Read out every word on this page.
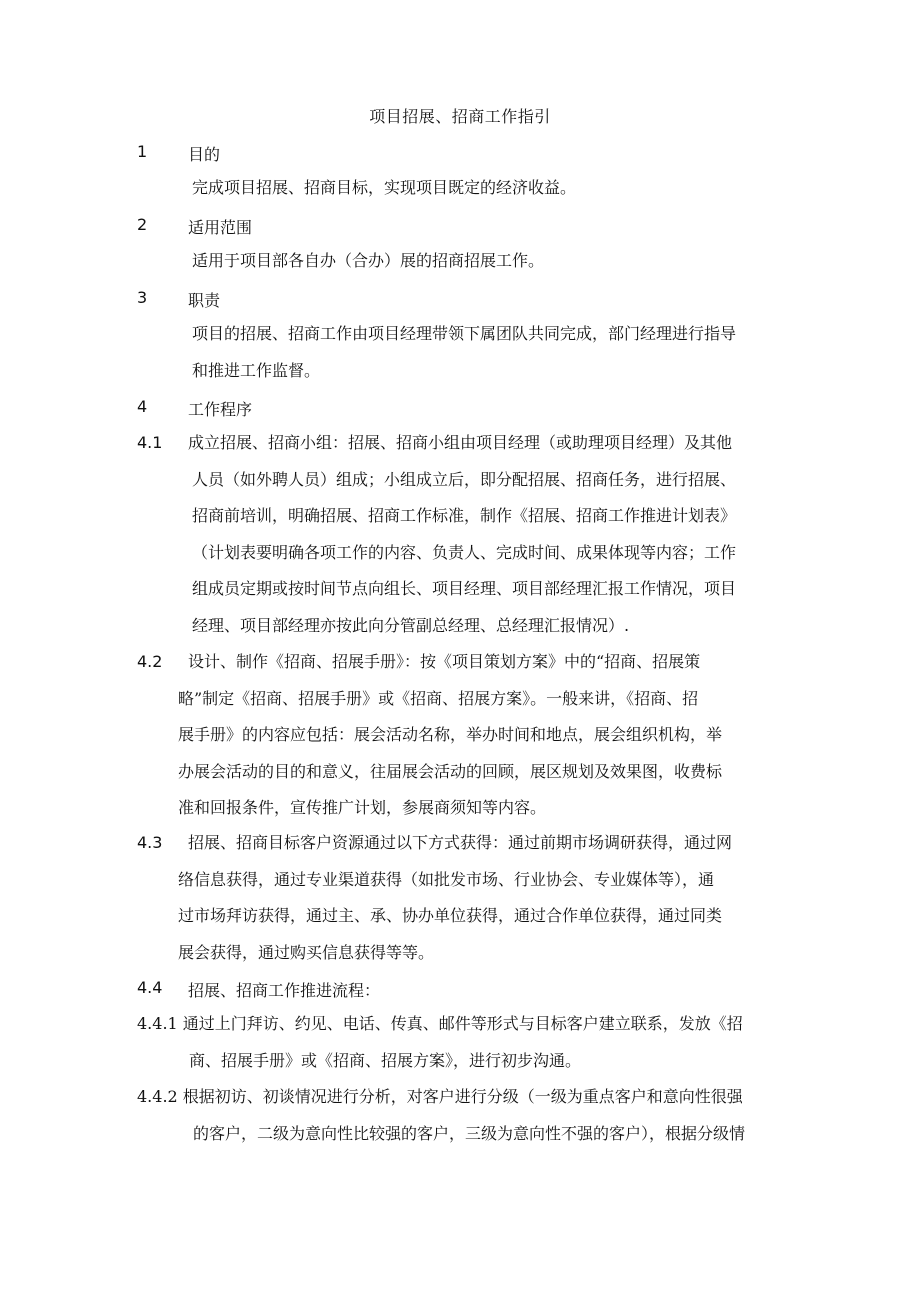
项目招展、招商工作指引
1	目的
完成项目招展、招商目标，实现项目既定的经济收益。
2	适用范围
适用于项目部各自办（合办）展的招商招展工作。
3	职责
项目的招展、招商工作由项目经理带领下属团队共同完成，部门经理进行指导
和推进工作监督。
4	工作程序
4.1 成立招展、招商小组：招展、招商小组由项目经理（或助理项目经理）及其他
人员（如外聘人员）组成；小组成立后，即分配招展、招商任务，进行招展、
招商前培训，明确招展、招商工作标准，制作《招展、招商工作推进计划表》
（计划表要明确各项工作的内容、负责人、完成时间、成果体现等内容；工作
组成员定期或按时间节点向组长、项目经理、项目部经理汇报工作情况，项目
经理、项目部经理亦按此向分管副总经理、总经理汇报情况）.
4.2 设计、制作《招商、招展手册》：按《项目策划方案》中的“招商、招展策
略”制定《招商、招展手册》或《招商、招展方案》。一般来讲，《招商、招
展手册》的内容应包括：展会活动名称，举办时间和地点，展会组织机构，举
办展会活动的目的和意义，往届展会活动的回顾，展区规划及效果图，收费标
准和回报条件，宣传推广计划，参展商须知等内容。
4.3 招展、招商目标客户资源通过以下方式获得：通过前期市场调研获得，通过网
络信息获得，通过专业渠道获得（如批发市场、行业协会、专业媒体等），通
过市场拜访获得，通过主、承、协办单位获得，通过合作单位获得，通过同类
展会获得，通过购买信息获得等等。
4.4 招展、招商工作推进流程：
4.4.1 通过上门拜访、约见、电话、传真、邮件等形式与目标客户建立联系，发放《招
商、招展手册》或《招商、招展方案》，进行初步沟通。
4.4.2 根据初访、初谈情况进行分析，对客户进行分级（一级为重点客户和意向性很强
的客户，二级为意向性比较强的客户，三级为意向性不强的客户），根据分级情
